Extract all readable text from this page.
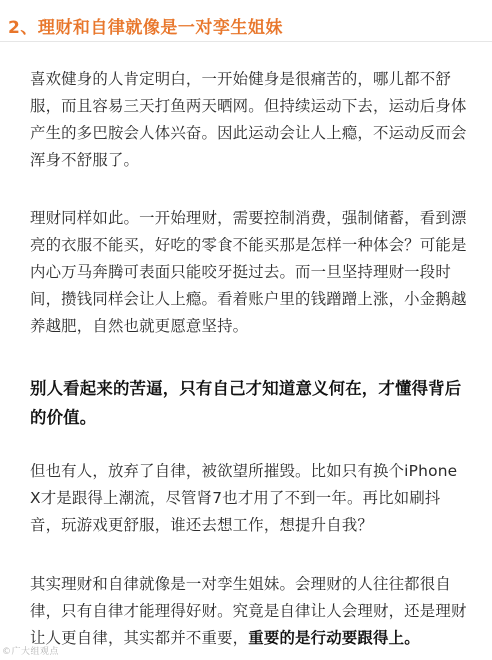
2、理财和自律就像是一对孪生姐妹

喜欢健身的人肯定明白，一开始健身是很痛苦的，哪儿都不舒服，而且容易三天打鱼两天晒网。但持续运动下去，运动后身体产生的多巴胺会人体兴奋。因此运动会让人上瘾，不运动反而会浑身不舒服了。

理财同样如此。一开始理财，需要控制消费，强制储蓄，看到漂亮的衣服不能买，好吃的零食不能买那是怎样一种体会？可能是内心万马奔腾可表面只能咬牙挺过去。而一旦坚持理财一段时间，攒钱同样会让人上瘾。看着账户里的钱蹭蹭上涨，小金鹅越养越肥，自然也就更愿意坚持。

别人看起来的苦逼，只有自己才知道意义何在，才懂得背后的价值。

但也有人，放弃了自律，被欲望所摧毁。比如只有换个iPhone X才是跟得上潮流，尽管肾7也才用了不到一年。再比如刷抖音，玩游戏更舒服，谁还去想工作，想提升自我？

其实理财和自律就像是一对孪生姐妹。会理财的人往往都很自律，只有自律才能理得好财。究竟是自律让人会理财，还是理财让人更自律，其实都并不重要，重要的是行动要跟得上。

©广大组观点
